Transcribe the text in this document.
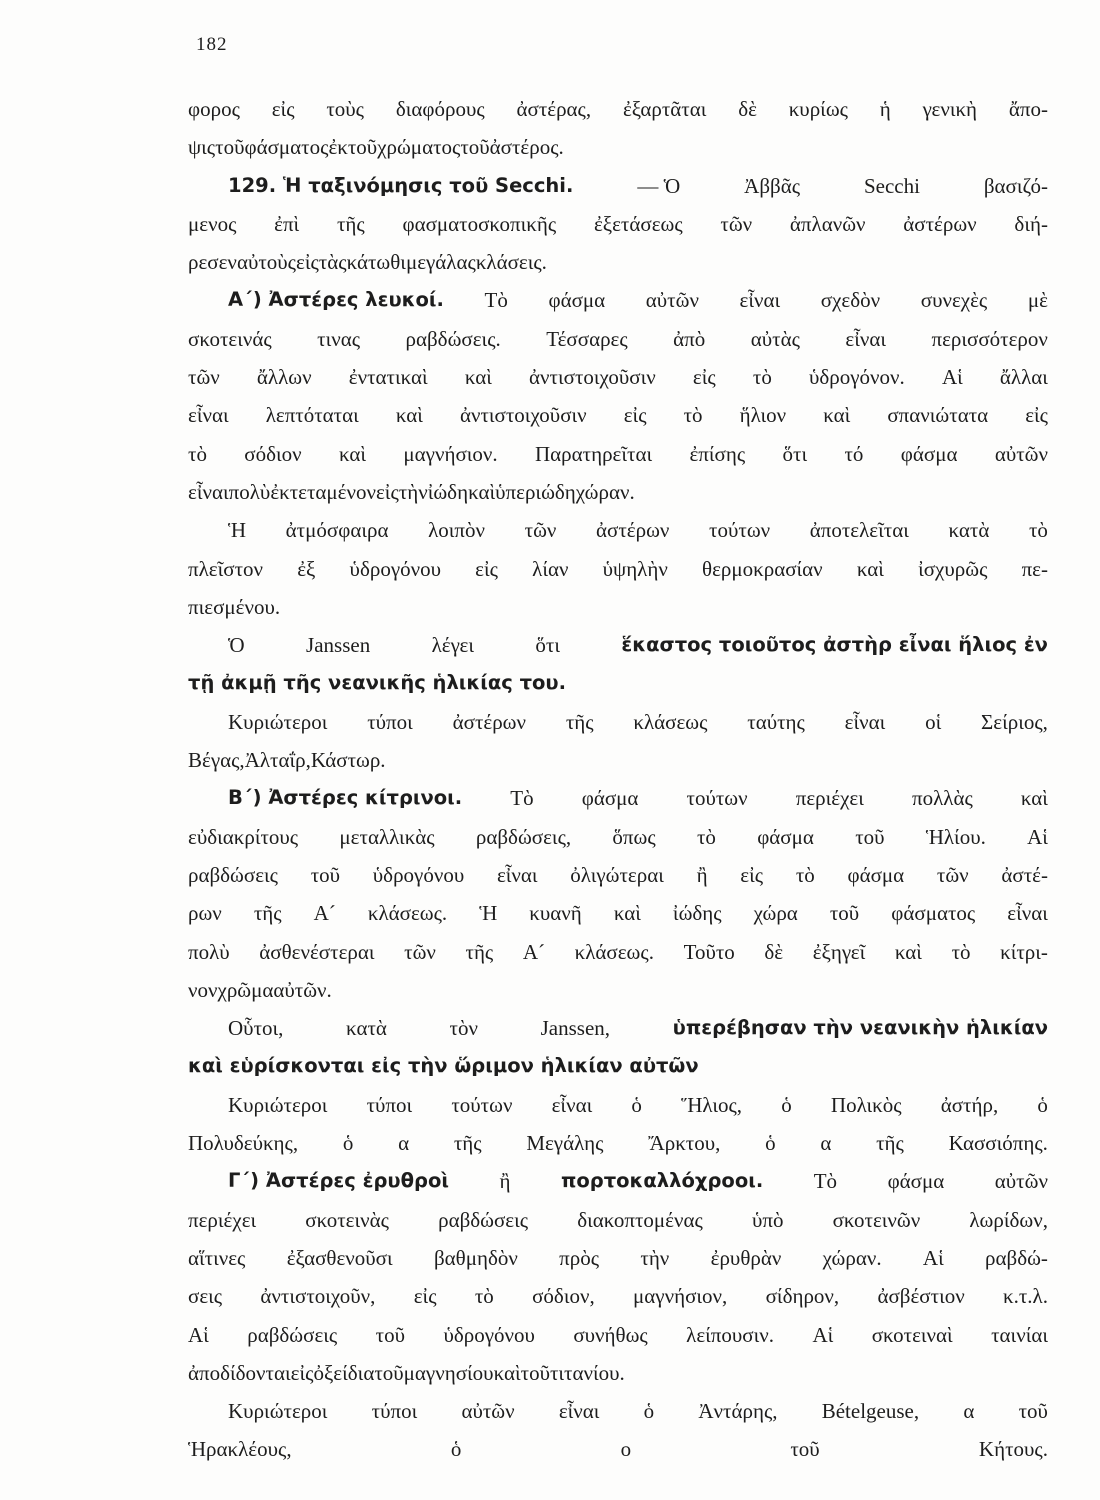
182
φορος εἰς τοὺς διαφόρους ἀστέρας, ἐξαρτᾶται δὲ κυρίως ἡ γενικὴ ἄπο-
ψις τοῦ φάσματος ἐκ τοῦ χρώματος τοῦ ἀστέρος.
129. Ἡ ταξινόμησις τοῦ Secchi.	— Ὁ	Ἀββᾶς	Secchi	βασιζό-
μενος ἐπὶ τῆς φασματοσκοπικῆς ἐξετάσεως τῶν ἀπλανῶν ἀστέρων διή-
ρεσεν αὐτοὺς εἰς τὰς κάτωθι μεγάλας κλάσεις.
Α´) Ἀστέρες λευκοί. Τὸ φάσμα αὐτῶν εἶναι σχεδὸν συνεχὲς μὲ
σκοτεινάς τινας ραβδώσεις. Τέσσαρες ἀπὸ αὐτὰς εἶναι περισσότερον
τῶν ἄλλων ἐντατικαὶ καὶ ἀντιστοιχοῦσιν εἰς τὸ ὑδρογόνον. Αἱ ἄλλαι
εἶναι λεπτόταται καὶ ἀντιστοιχοῦσιν εἰς τὸ ἥλιον καὶ σπανιώτατα εἰς
τὸ σόδιον καὶ μαγνήσιον. Παρατηρεῖται ἐπίσης ὅτι τό φάσμα αὐτῶν
εἶναι πολὺ ἐκτεταμένον εἰς τὴν ἰώδη καὶ ὑπεριώδη χώραν.
Ἡ ἀτμόσφαιρα λοιπὸν τῶν ἀστέρων τούτων ἀποτελεῖται κατὰ τὸ
πλεῖστον ἐξ ὑδρογόνου εἰς λίαν ὑψηλὴν θερμοκρασίαν καὶ ἰσχυρῶς πε-
πιεσμένου.
Ὁ	Janssen	λέγει	ὅτι	ἕκαστος τοιοῦτος ἀστὴρ εἶναι ἥλιος ἐν
τῇ ἀκμῇ τῆς νεανικῆς ἡλικίας του.
Κυριώτεροι τύποι ἀστέρων τῆς κλάσεως ταύτης εἶναι οἱ Σείριος,
Βέγας, Ἀλταΐρ, Κάστωρ.
Β´) Ἀστέρες κίτρινοι. Τὸ φάσμα τούτων περιέχει πολλὰς καὶ
εὐδιακρίτους μεταλλικὰς ραβδώσεις, ὅπως τὸ φάσμα τοῦ Ἡλίου. Αἱ
ραβδώσεις τοῦ ὑδρογόνου εἶναι ὀλιγώτεραι ἢ εἰς τὸ φάσμα τῶν ἀστέ-
ρων τῆς Α´ κλάσεως. Ἡ κυανῆ καὶ ἰώδης χώρα τοῦ φάσματος εἶναι
πολὺ ἀσθενέστεραι τῶν τῆς Α´ κλάσεως. Τοῦτο δὲ ἐξηγεῖ καὶ τὸ κίτρι-
νον χρῶμα αὐτῶν.
Οὗτοι,	κατὰ	τὸν	Janssen,	ὑπερέβησαν τὴν νεανικὴν ἡλικίαν
καὶ εὑρίσκονται εἰς τὴν ὥριμον ἡλικίαν αὐτῶν
Κυριώτεροι τύποι τούτων εἶναι ὁ Ἥλιος, ὁ Πολικὸς ἀστήρ, ὁ
Πολυδεύκης, ὁ α τῆς Μεγάλης Ἄρκτου, ὁ α τῆς Κασσιόπης.
Γ´) Ἀστέρες ἐρυθροὶ ἢ	πορτοκαλλόχροοι. Τὸ φάσμα αὐτῶν
περιέχει σκοτεινὰς ραβδώσεις διακοπτομένας ὑπὸ σκοτεινῶν λωρίδων,
αἵτινες ἐξασθενοῦσι βαθμηδὸν πρὸς τὴν ἐρυθρὰν χώραν. Αἱ ραβδώ-
σεις ἀντιστοιχοῦν, εἰς τὸ σόδιον, μαγνήσιον, σίδηρον, ἀσβέστιον κ.τ.λ.
Αἱ ραβδώσεις τοῦ ὑδρογόνου συνήθως λείπουσιν. Αἱ σκοτειναὶ ταινίαι
ἀποδίδονται εἰς ὀξείδια τοῦ μαγνησίου καὶ τοῦ τιτανίου.
Κυριώτεροι τύποι αὐτῶν εἶναι ὁ Ἀντάρης, Bételgeuse, α τοῦ
Ἡρακλέους,	ὁ	ο	τοῦ	Κήτους.
